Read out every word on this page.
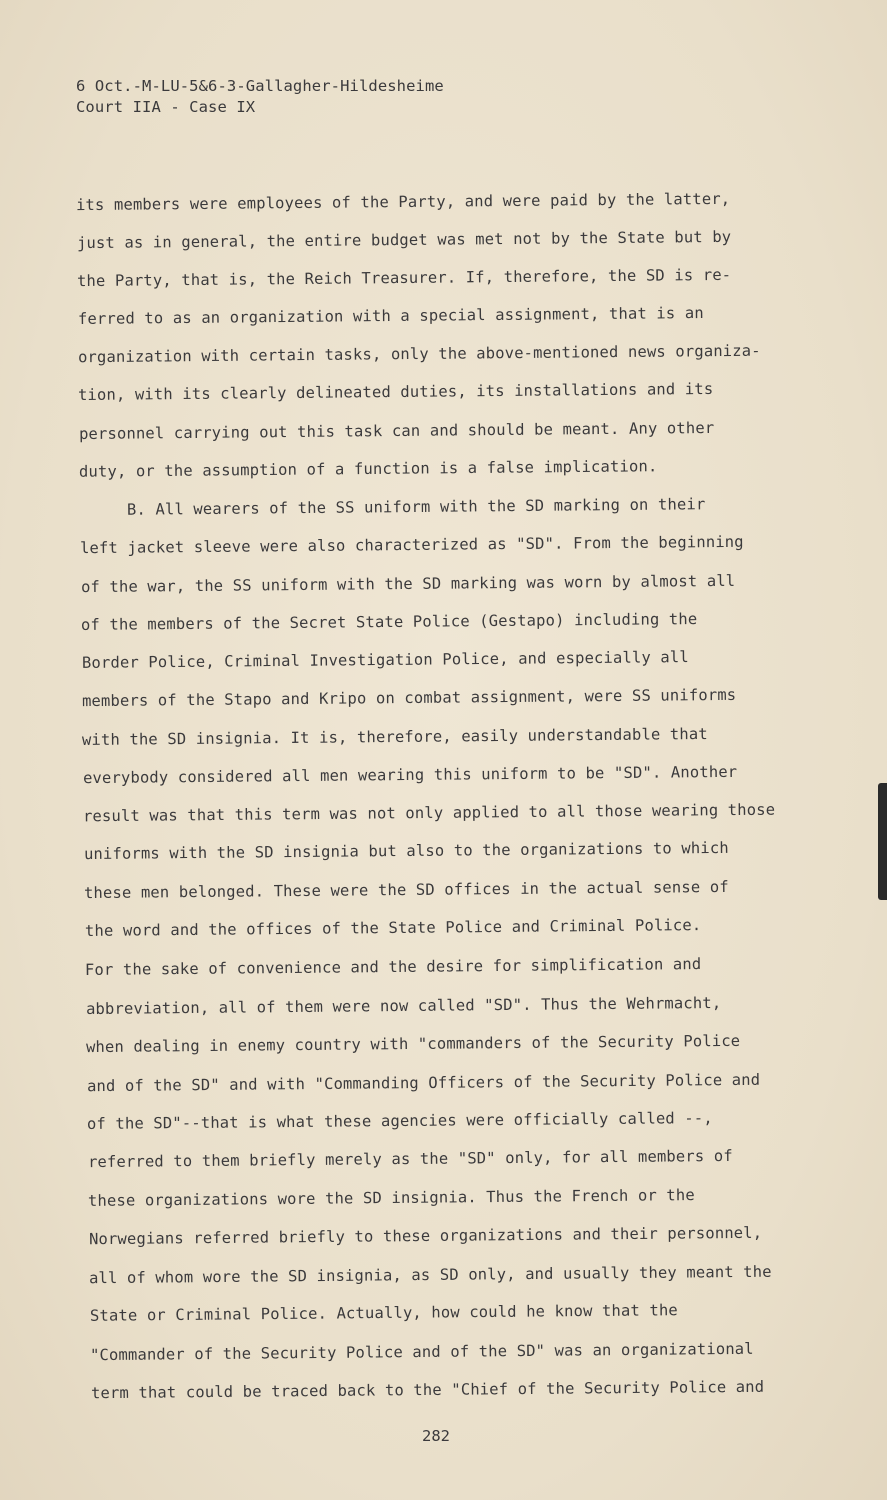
6 Oct.-M-LU-5&6-3-Gallagher-Hildesheime
Court IIA - Case IX
its members were employees of the Party, and were paid by the latter,
just as in general, the entire budget was met not by the State but by
the Party, that is, the Reich Treasurer. If, therefore, the SD is re-
ferred to as an organization with a special assignment, that is an
organization with certain tasks, only the above-mentioned news organiza-
tion, with its clearly delineated duties, its installations and its
personnel carrying out this task can and should be meant. Any other
duty, or the assumption of a function is a false implication.
B. All wearers of the SS uniform with the SD marking on their
left jacket sleeve were also characterized as "SD". From the beginning
of the war, the SS uniform with the SD marking was worn by almost all
of the members of the Secret State Police (Gestapo) including the
Border Police, Criminal Investigation Police, and especially all
members of the Stapo and Kripo on combat assignment, were SS uniforms
with the SD insignia. It is, therefore, easily understandable that
everybody considered all men wearing this uniform to be "SD". Another
result was that this term was not only applied to all those wearing those
uniforms with the SD insignia but also to the organizations to which
these men belonged. These were the SD offices in the actual sense of
the word and the offices of the State Police and Criminal Police.
For the sake of convenience and the desire for simplification and
abbreviation, all of them were now called "SD". Thus the Wehrmacht,
when dealing in enemy country with "commanders of the Security Police
and of the SD" and with "Commanding Officers of the Security Police and
of the SD"--that is what these agencies were officially called --,
referred to them briefly merely as the "SD" only, for all members of
these organizations wore the SD insignia. Thus the French or the
Norwegians referred briefly to these organizations and their personnel,
all of whom wore the SD insignia, as SD only, and usually they meant the
State or Criminal Police. Actually, how could he know that the
"Commander of the Security Police and of the SD" was an organizational
term that could be traced back to the "Chief of the Security Police and
282
